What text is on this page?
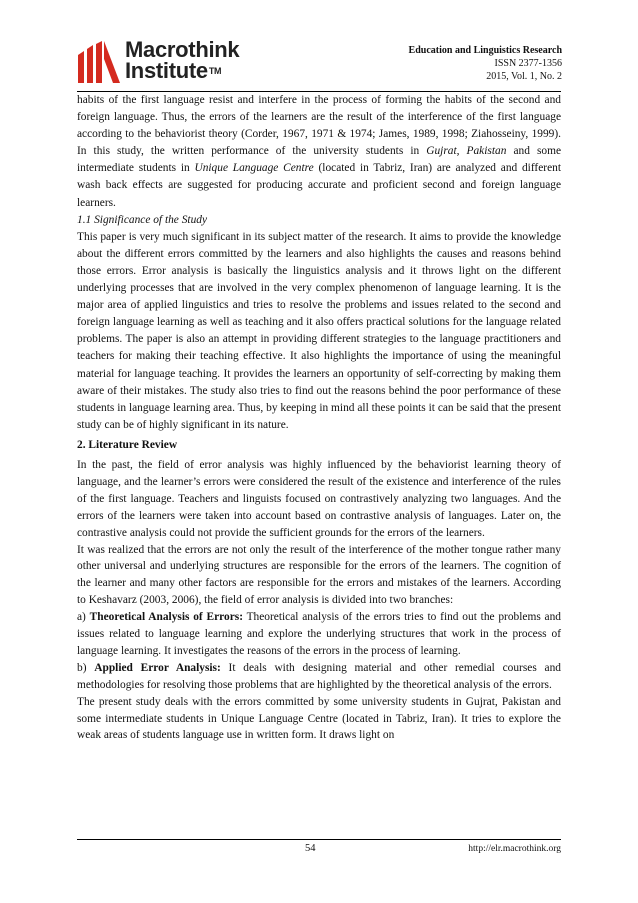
Macrothink
Institute™
Education and Linguistics Research
ISSN 2377-1356
2015, Vol. 1, No. 2

habits of the first language resist and interfere in the process of forming the habits of the second and foreign language. Thus, the errors of the learners are the result of the interference of the first language according to the behaviorist theory (Corder, 1967, 1971 & 1974; James, 1989, 1998; Ziahosseiny, 1999). In this study, the written performance of the university students in Gujrat, Pakistan and some intermediate students in Unique Language Centre (located in Tabriz, Iran) are analyzed and different wash back effects are suggested for producing accurate and proficient second and foreign language learners.

1.1 Significance of the Study

This paper is very much significant in its subject matter of the research. It aims to provide the knowledge about the different errors committed by the learners and also highlights the causes and reasons behind those errors. Error analysis is basically the linguistics analysis and it throws light on the different underlying processes that are involved in the very complex phenomenon of language learning. It is the major area of applied linguistics and tries to resolve the problems and issues related to the second and foreign language learning as well as teaching and it also offers practical solutions for the language related problems. The paper is also an attempt in providing different strategies to the language practitioners and teachers for making their teaching effective. It also highlights the importance of using the meaningful material for language teaching. It provides the learners an opportunity of self-correcting by making them aware of their mistakes. The study also tries to find out the reasons behind the poor performance of these students in language learning area. Thus, by keeping in mind all these points it can be said that the present study can be of highly significant in its nature.

2. Literature Review

In the past, the field of error analysis was highly influenced by the behaviorist learning theory of language, and the learner’s errors were considered the result of the existence and interference of the rules of the first language. Teachers and linguists focused on contrastively analyzing two languages. And the errors of the learners were taken into account based on contrastive analysis of languages. Later on, the contrastive analysis could not provide the sufficient grounds for the errors of the learners.

It was realized that the errors are not only the result of the interference of the mother tongue rather many other universal and underlying structures are responsible for the errors of the learners. The cognition of the learner and many other factors are responsible for the errors and mistakes of the learners. According to Keshavarz (2003, 2006), the field of error analysis is divided into two branches:

a) Theoretical Analysis of Errors: Theoretical analysis of the errors tries to find out the problems and issues related to language learning and explore the underlying structures that work in the process of language learning. It investigates the reasons of the errors in the process of learning.

b) Applied Error Analysis: It deals with designing material and other remedial courses and methodologies for resolving those problems that are highlighted by the theoretical analysis of the errors.

The present study deals with the errors committed by some university students in Gujrat, Pakistan and some intermediate students in Unique Language Centre (located in Tabriz, Iran). It tries to explore the weak areas of students language use in written form. It draws light on

54	http://elr.macrothink.org
